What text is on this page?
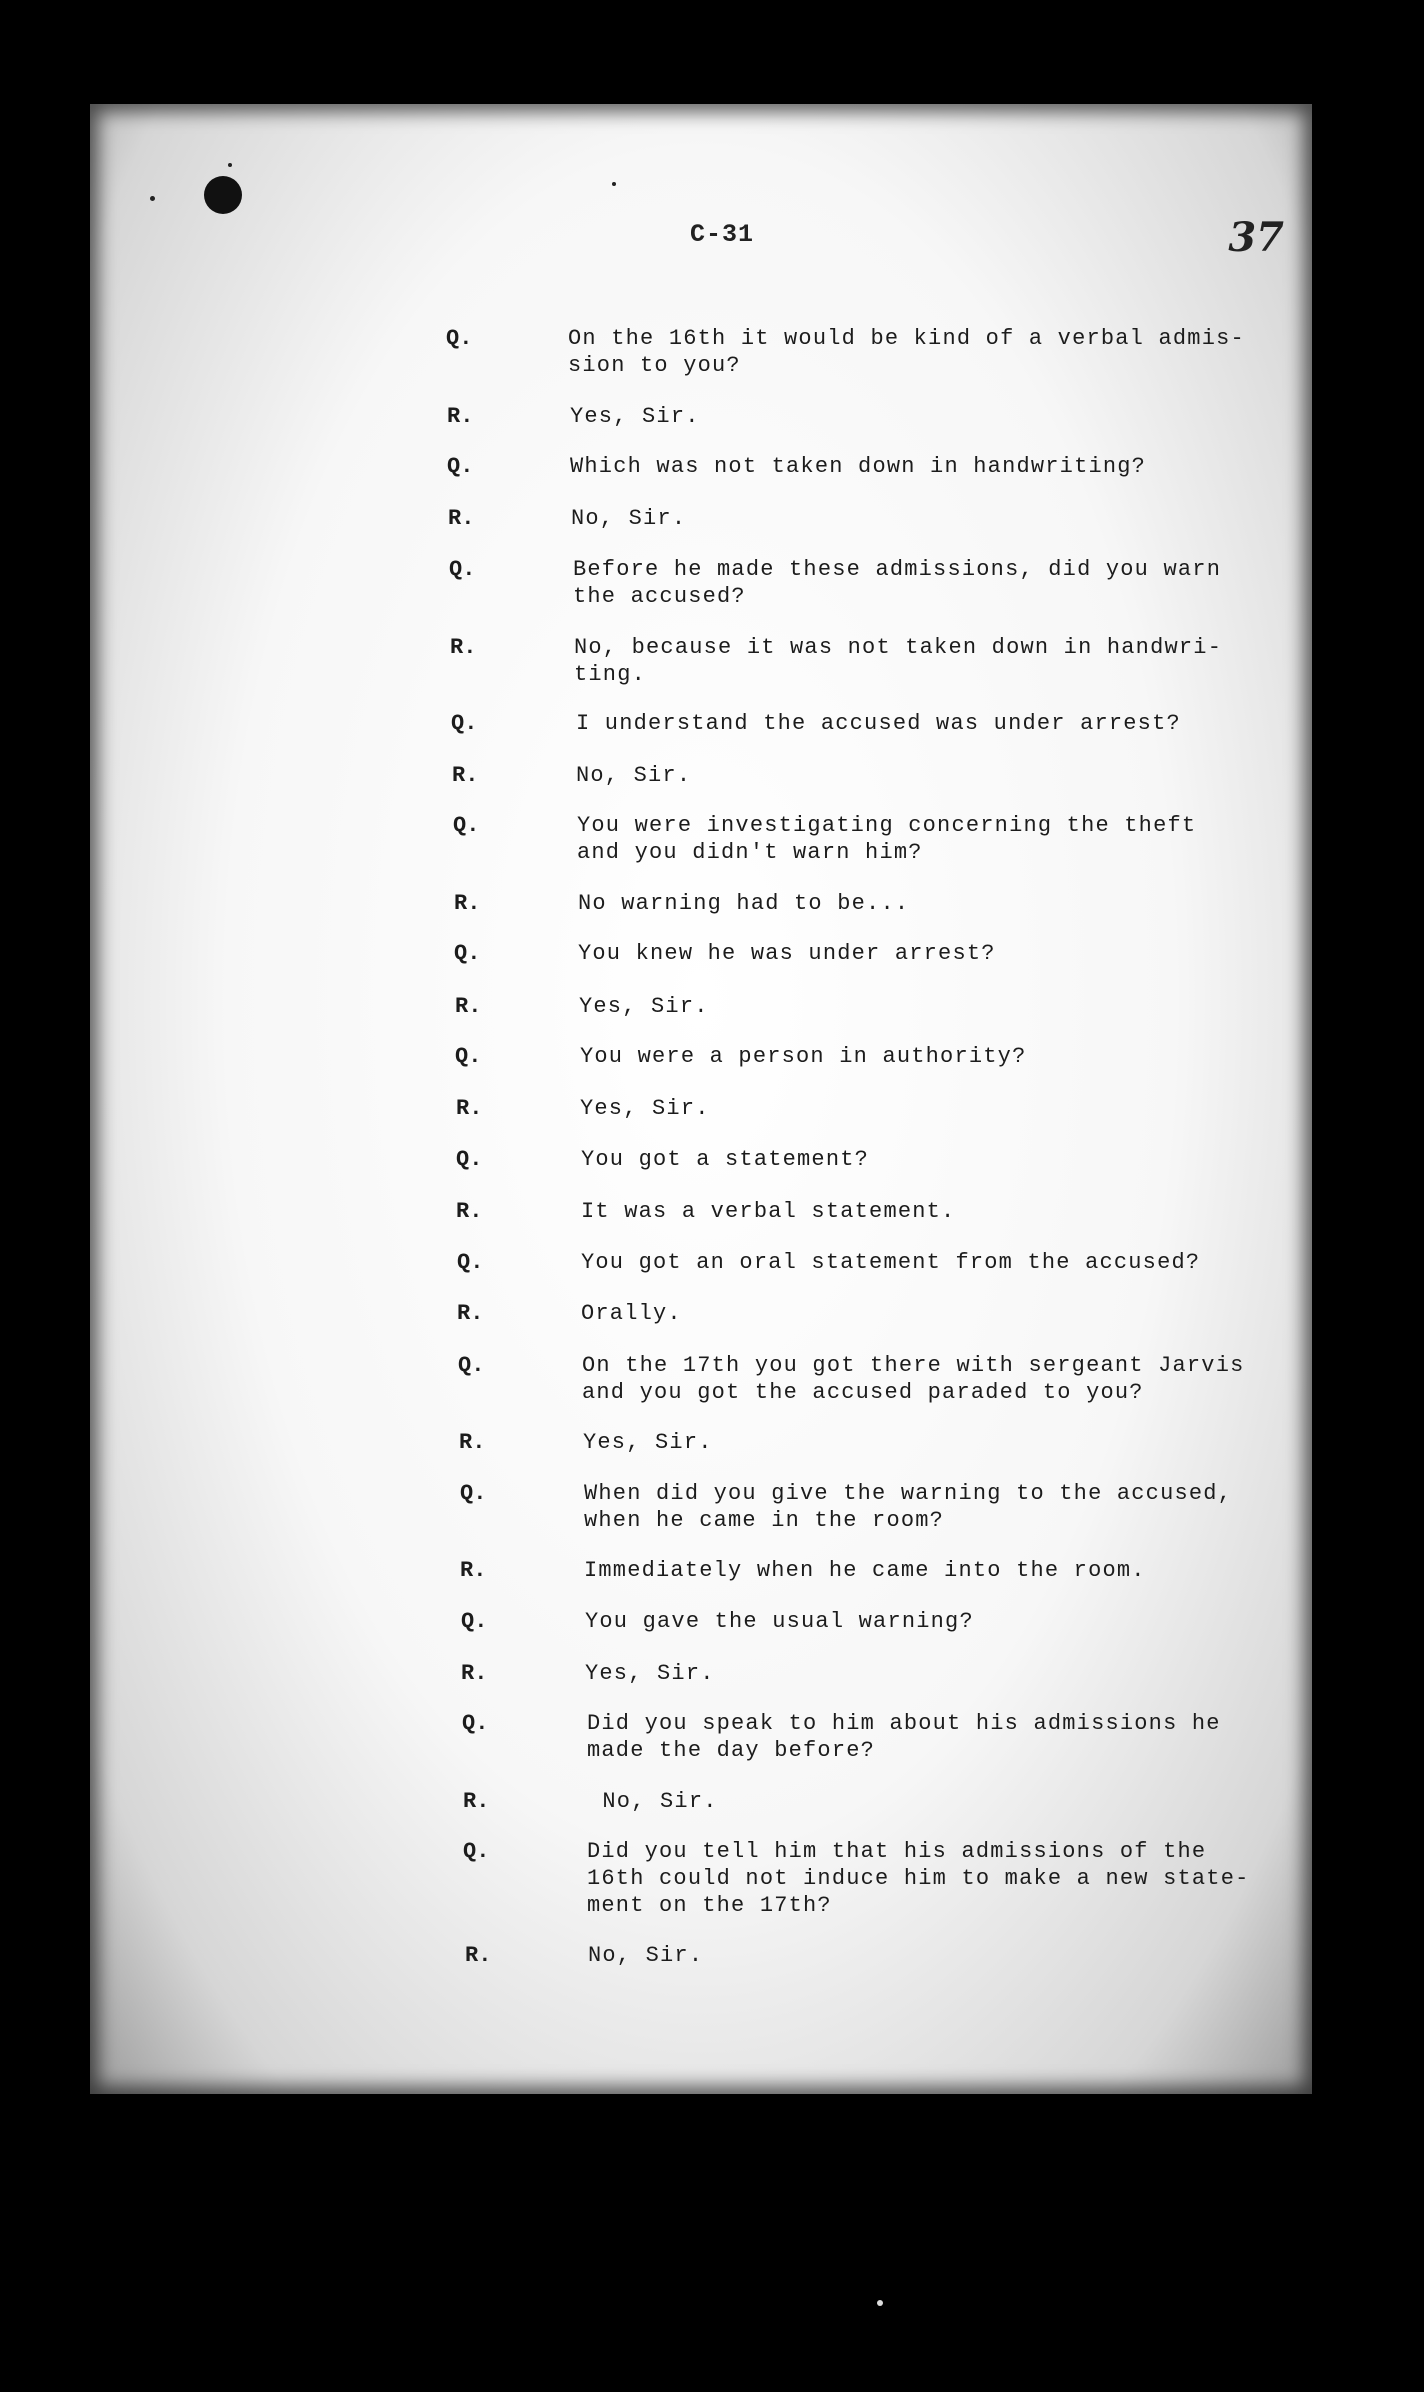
37
C-31
Q.	On the 16th it would be kind of a verbal admis-
sion to you?
R.	Yes, Sir.
Q.	Which was not taken down in handwriting?
R.	No, Sir.
Q.	Before he made these admissions, did you warn
the accused?
R.	No, because it was not taken down in handwri-
ting.
Q.	I understand the accused was under arrest?
R.	No, Sir.
Q.	You were investigating concerning the theft
and you didn't warn him?
R.	No warning had to be...
Q.	You knew he was under arrest?
R.	Yes, Sir.
Q.	You were a person in authority?
R.	Yes, Sir.
Q.	You got a statement?
R.	It was a verbal statement.
Q.	You got an oral statement from the accused?
R.	Orally.
Q.	On the 17th you got there with sergeant Jarvis
and you got the accused paraded to you?
R.	Yes, Sir.
Q.	When did you give the warning to the accused,
when he came in the room?
R.	Immediately when he came into the room.
Q.	You gave the usual warning?
R.	Yes, Sir.
Q.	Did you speak to him about his admissions he
made the day before?
R.	No, Sir.
Q.	Did you tell him that his admissions of the
16th could not induce him to make a new state-
ment on the 17th?
R.	No, Sir.
